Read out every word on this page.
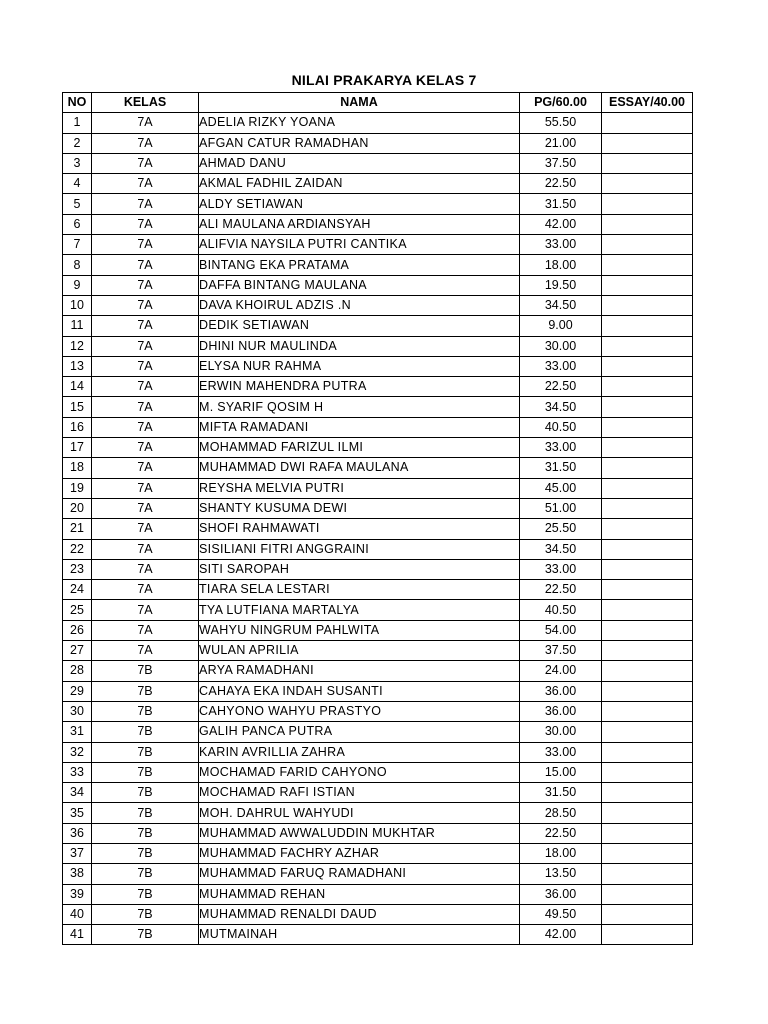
NILAI PRAKARYA KELAS 7
NO	KELAS	NAMA	PG/60.00	ESSAY/40.00
1	7A	ADELIA RIZKY YOANA	55.50	
2	7A	AFGAN CATUR RAMADHAN	21.00	
3	7A	AHMAD DANU	37.50	
4	7A	AKMAL FADHIL ZAIDAN	22.50	
5	7A	ALDY SETIAWAN	31.50	
6	7A	ALI MAULANA ARDIANSYAH	42.00	
7	7A	ALIFVIA NAYSILA PUTRI CANTIKA	33.00	
8	7A	BINTANG EKA PRATAMA	18.00	
9	7A	DAFFA BINTANG MAULANA	19.50	
10	7A	DAVA KHOIRUL ADZIS .N	34.50	
11	7A	DEDIK SETIAWAN	9.00	
12	7A	DHINI NUR MAULINDA	30.00	
13	7A	ELYSA NUR RAHMA	33.00	
14	7A	ERWIN MAHENDRA PUTRA	22.50	
15	7A	M. SYARIF QOSIM H	34.50	
16	7A	MIFTA RAMADANI	40.50	
17	7A	MOHAMMAD FARIZUL ILMI	33.00	
18	7A	MUHAMMAD DWI RAFA MAULANA	31.50	
19	7A	REYSHA MELVIA PUTRI	45.00	
20	7A	SHANTY KUSUMA DEWI	51.00	
21	7A	SHOFI RAHMAWATI	25.50	
22	7A	SISILIANI FITRI ANGGRAINI	34.50	
23	7A	SITI SAROPAH	33.00	
24	7A	TIARA SELA LESTARI	22.50	
25	7A	TYA LUTFIANA MARTALYA	40.50	
26	7A	WAHYU NINGRUM PAHLWITA	54.00	
27	7A	WULAN APRILIA	37.50	
28	7B	ARYA RAMADHANI	24.00	
29	7B	CAHAYA EKA INDAH SUSANTI	36.00	
30	7B	CAHYONO WAHYU PRASTYO	36.00	
31	7B	GALIH PANCA PUTRA	30.00	
32	7B	KARIN AVRILLIA ZAHRA	33.00	
33	7B	MOCHAMAD FARID CAHYONO	15.00	
34	7B	MOCHAMAD RAFI ISTIAN	31.50	
35	7B	MOH. DAHRUL WAHYUDI	28.50	
36	7B	MUHAMMAD AWWALUDDIN MUKHTAR	22.50	
37	7B	MUHAMMAD FACHRY AZHAR	18.00	
38	7B	MUHAMMAD FARUQ RAMADHANI	13.50	
39	7B	MUHAMMAD REHAN	36.00	
40	7B	MUHAMMAD RENALDI DAUD	49.50	
41	7B	MUTMAINAH	42.00	
